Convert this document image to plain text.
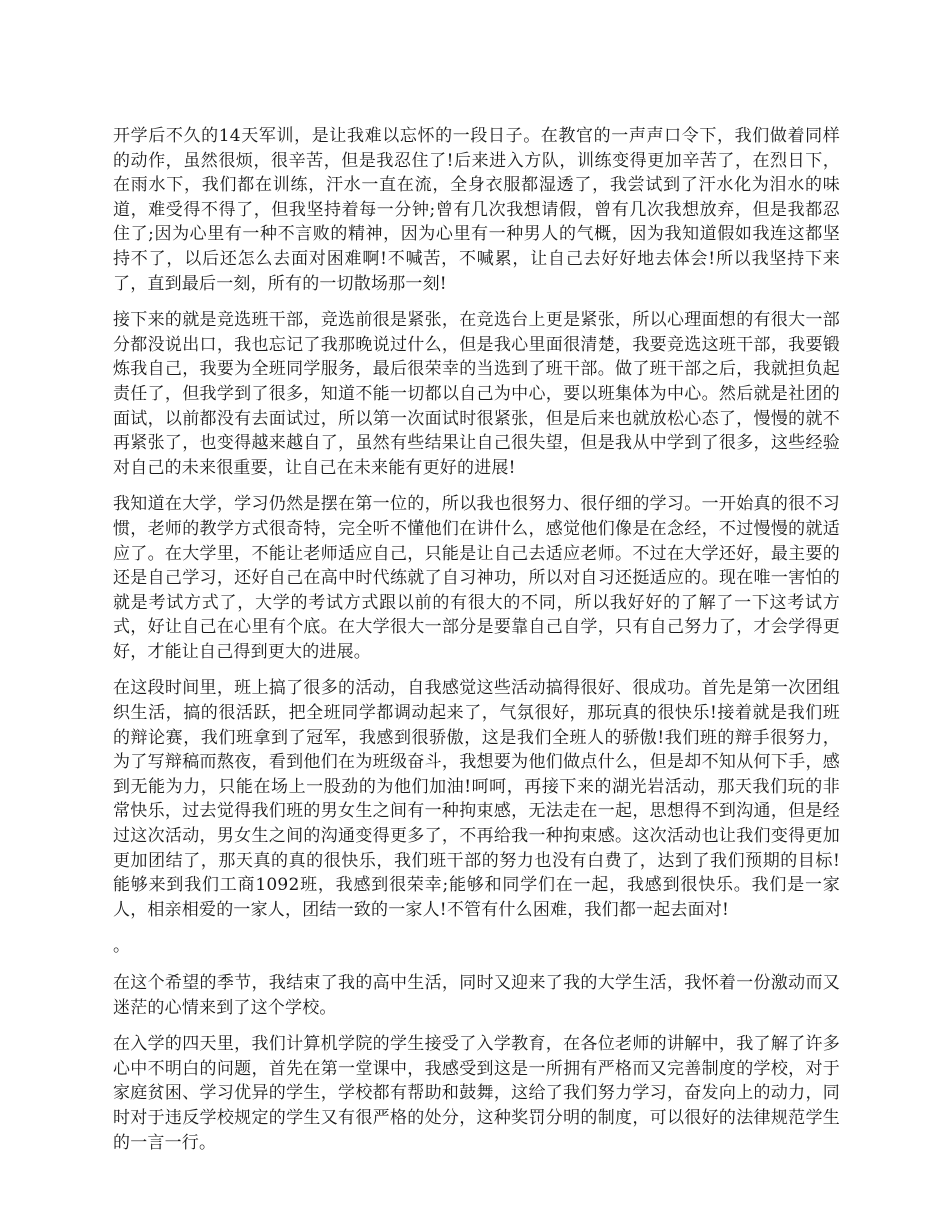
开学后不久的14天军训，是让我难以忘怀的一段日子。在教官的一声声口令下，我们做着同样的动作，虽然很烦，很辛苦，但是我忍住了!后来进入方队，训练变得更加辛苦了，在烈日下，在雨水下，我们都在训练，汗水一直在流，全身衣服都湿透了，我尝试到了汗水化为泪水的味道，难受得不得了，但我坚持着每一分钟;曾有几次我想请假，曾有几次我想放弃，但是我都忍住了;因为心里有一种不言败的精神，因为心里有一种男人的气概，因为我知道假如我连这都坚持不了，以后还怎么去面对困难啊!不喊苦，不喊累，让自己去好好地去体会!所以我坚持下来了，直到最后一刻，所有的一切散场那一刻!

接下来的就是竞选班干部，竞选前很是紧张，在竞选台上更是紧张，所以心理面想的有很大一部分都没说出口，我也忘记了我那晚说过什么，但是我心里面很清楚，我要竞选这班干部，我要锻炼我自己，我要为全班同学服务，最后很荣幸的当选到了班干部。做了班干部之后，我就担负起责任了，但我学到了很多，知道不能一切都以自己为中心，要以班集体为中心。然后就是社团的面试，以前都没有去面试过，所以第一次面试时很紧张，但是后来也就放松心态了，慢慢的就不再紧张了，也变得越来越自了，虽然有些结果让自己很失望，但是我从中学到了很多，这些经验对自己的未来很重要，让自己在未来能有更好的进展!

我知道在大学，学习仍然是摆在第一位的，所以我也很努力、很仔细的学习。一开始真的很不习惯，老师的教学方式很奇特，完全听不懂他们在讲什么，感觉他们像是在念经，不过慢慢的就适应了。在大学里，不能让老师适应自己，只能是让自己去适应老师。不过在大学还好，最主要的还是自己学习，还好自己在高中时代练就了自习神功，所以对自习还挺适应的。现在唯一害怕的就是考试方式了，大学的考试方式跟以前的有很大的不同，所以我好好的了解了一下这考试方式，好让自己在心里有个底。在大学很大一部分是要靠自己自学，只有自己努力了，才会学得更好，才能让自己得到更大的进展。

在这段时间里，班上搞了很多的活动，自我感觉这些活动搞得很好、很成功。首先是第一次团组织生活，搞的很活跃，把全班同学都调动起来了，气氛很好，那玩真的很快乐!接着就是我们班的辩论赛，我们班拿到了冠军，我感到很骄傲，这是我们全班人的骄傲!我们班的辩手很努力，为了写辩稿而熬夜，看到他们在为班级奋斗，我想要为他们做点什么，但是却不知从何下手，感到无能为力，只能在场上一股劲的为他们加油!呵呵，再接下来的湖光岩活动，那天我们玩的非常快乐，过去觉得我们班的男女生之间有一种拘束感，无法走在一起，思想得不到沟通，但是经过这次活动，男女生之间的沟通变得更多了，不再给我一种拘束感。这次活动也让我们变得更加更加团结了，那天真的真的很快乐，我们班干部的努力也没有白费了，达到了我们预期的目标!能够来到我们工商1092班，我感到很荣幸;能够和同学们在一起，我感到很快乐。我们是一家人，相亲相爱的一家人，团结一致的一家人!不管有什么困难，我们都一起去面对!

。

在这个希望的季节，我结束了我的高中生活，同时又迎来了我的大学生活，我怀着一份激动而又迷茫的心情来到了这个学校。

在入学的四天里，我们计算机学院的学生接受了入学教育，在各位老师的讲解中，我了解了许多心中不明白的问题，首先在第一堂课中，我感受到这是一所拥有严格而又完善制度的学校，对于家庭贫困、学习优异的学生，学校都有帮助和鼓舞，这给了我们努力学习，奋发向上的动力，同时对于违反学校规定的学生又有很严格的处分，这种奖罚分明的制度，可以很好的法律规范学生的一言一行。
